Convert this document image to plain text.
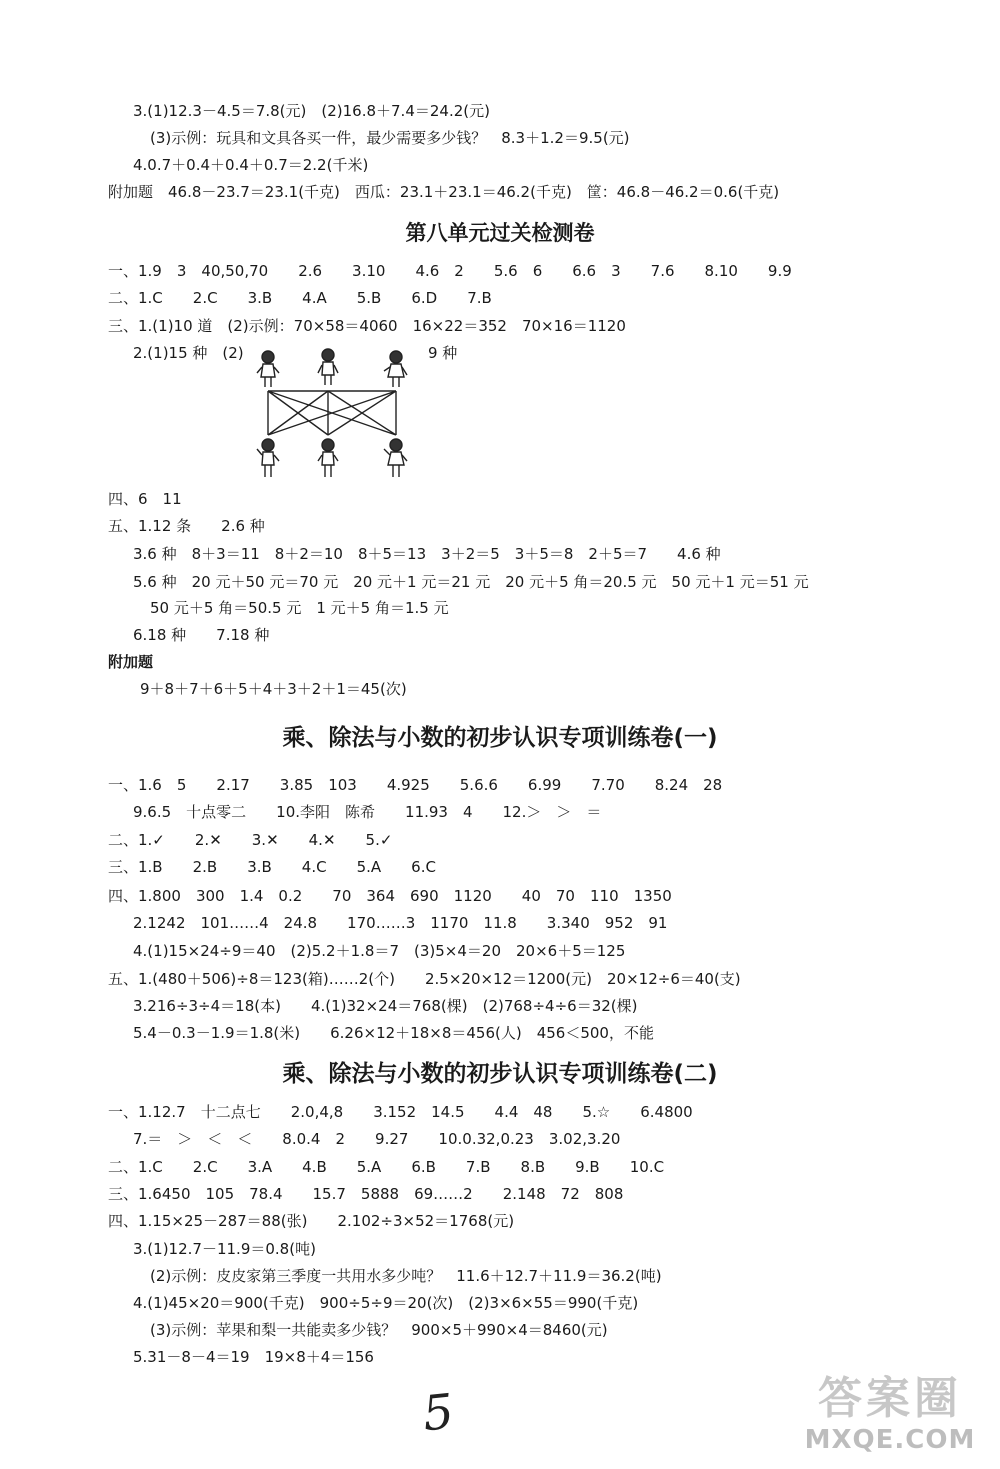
3.(1)12.3－4.5＝7.8(元)　(2)16.8＋7.4＝24.2(元)
(3)示例：玩具和文具各买一件，最少需要多少钱？　8.3＋1.2＝9.5(元)
4.0.7＋0.4＋0.4＋0.7＝2.2(千米)
附加题　46.8－23.7＝23.1(千克)　西瓜：23.1＋23.1＝46.2(千克)　筐：46.8－46.2＝0.6(千克)
第八单元过关检测卷
一、1.9　3　40,50,70　　2.6　　3.10　　4.6　2　　5.6　6　　6.6　3　　7.6　　8.10　　9.9
二、1.C　　2.C　　3.B　　4.A　　5.B　　6.D　　7.B
三、1.(1)10 道　(2)示例：70×58＝4060　16×22＝352　70×16＝1120
2.(1)15 种　(2)	9 种
四、6　11
五、1.12 条　　2.6 种
3.6 种　8＋3＝11　8＋2＝10　8＋5＝13　3＋2＝5　3＋5＝8　2＋5＝7　　4.6 种
5.6 种　20 元＋50 元＝70 元　20 元＋1 元＝21 元　20 元＋5 角＝20.5 元　50 元＋1 元＝51 元
50 元＋5 角＝50.5 元　1 元＋5 角＝1.5 元
6.18 种　　7.18 种
附加题
9＋8＋7＋6＋5＋4＋3＋2＋1＝45(次)
乘、除法与小数的初步认识专项训练卷(一)
一、1.6　5　　2.17　　3.85　103　　4.925　　5.6.6　　6.99　　7.70　　8.24　28
9.6.5　十点零二　　10.李阳　陈希　　11.93　4　　12.＞　＞　＝
二、1.✓　　2.✕　　3.✕　　4.✕　　5.✓
三、1.B　　2.B　　3.B　　4.C　　5.A　　6.C
四、1.800　300　1.4　0.2　　70　364　690　1120　　40　70　110　1350
2.1242　101……4　24.8　　170……3　1170　11.8　　3.340　952　91
4.(1)15×24÷9＝40　(2)5.2＋1.8＝7　(3)5×4＝20　20×6＋5＝125
五、1.(480＋506)÷8＝123(箱)……2(个)　　2.5×20×12＝1200(元)　20×12÷6＝40(支)
3.216÷3÷4＝18(本)　　4.(1)32×24＝768(棵)　(2)768÷4÷6＝32(棵)
5.4－0.3－1.9＝1.8(米)　　6.26×12＋18×8＝456(人)　456＜500，不能
乘、除法与小数的初步认识专项训练卷(二)
一、1.12.7　十二点七　　2.0,4,8　　3.152　14.5　　4.4　48　　5.☆　　6.4800
7.＝　＞　＜　＜　　8.0.4　2　　9.27　　10.0.32,0.23　3.02,3.20
二、1.C　　2.C　　3.A　　4.B　　5.A　　6.B　　7.B　　8.B　　9.B　　10.C
三、1.6450　105　78.4　　15.7　5888　69……2　　2.148　72　808
四、1.15×25－287＝88(张)　　2.102÷3×52＝1768(元)
3.(1)12.7－11.9＝0.8(吨)
(2)示例：皮皮家第三季度一共用水多少吨？　11.6＋12.7＋11.9＝36.2(吨)
4.(1)45×20＝900(千克)　900÷5÷9＝20(次)　(2)3×6×55＝990(千克)
(3)示例：苹果和梨一共能卖多少钱？　900×5＋990×4＝8460(元)
5.31－8－4＝19　19×8＋4＝156
5	答案圈
MXQE.COM
